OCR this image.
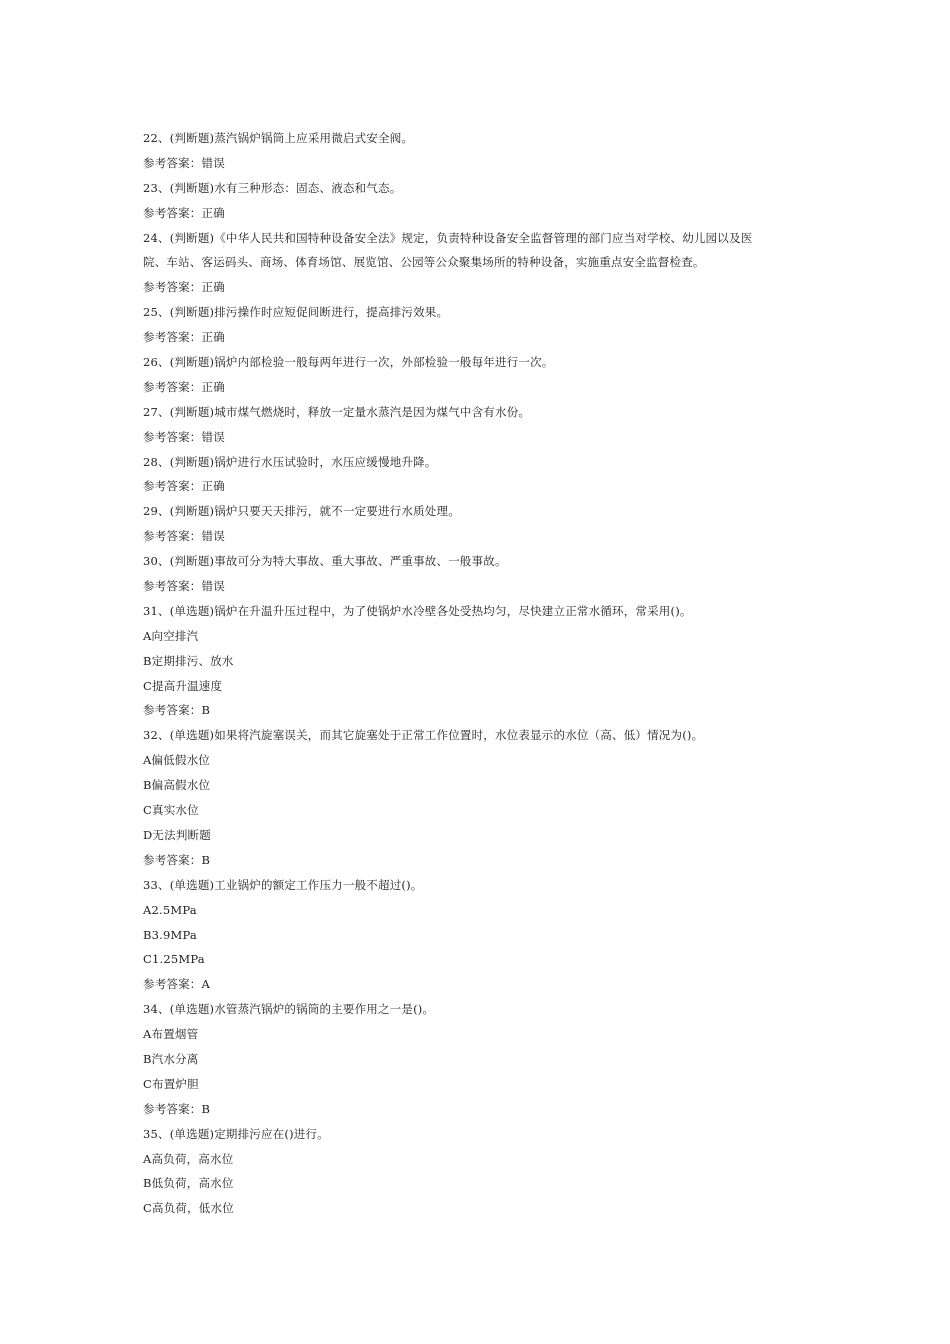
22、(判断题)蒸汽锅炉锅筒上应采用微启式安全阀。
参考答案：错误
23、(判断题)水有三种形态：固态、液态和气态。
参考答案：正确
24、(判断题)《中华人民共和国特种设备安全法》规定，负责特种设备安全监督管理的部门应当对学校、幼儿园以及医
院、车站、客运码头、商场、体育场馆、展览馆、公园等公众聚集场所的特种设备，实施重点安全监督检查。
参考答案：正确
25、(判断题)排污操作时应短促间断进行，提高排污效果。
参考答案：正确
26、(判断题)锅炉内部检验一般每两年进行一次，外部检验一般每年进行一次。
参考答案：正确
27、(判断题)城市煤气燃烧时，释放一定量水蒸汽是因为煤气中含有水份。
参考答案：错误
28、(判断题)锅炉进行水压试验时，水压应缓慢地升降。
参考答案：正确
29、(判断题)锅炉只要天天排污，就不一定要进行水质处理。
参考答案：错误
30、(判断题)事故可分为特大事故、重大事故、严重事故、一般事故。
参考答案：错误
31、(单选题)锅炉在升温升压过程中，为了使锅炉水冷壁各处受热均匀，尽快建立正常水循环，常采用()。
A向空排汽
B定期排污、放水
C提高升温速度
参考答案：B
32、(单选题)如果将汽旋塞误关，而其它旋塞处于正常工作位置时，水位表显示的水位（高、低）情况为()。
A偏低假水位
B偏高假水位
C真实水位
D无法判断题
参考答案：B
33、(单选题)工业锅炉的额定工作压力一般不超过()。
A2.5MPa
B3.9MPa
C1.25MPa
参考答案：A
34、(单选题)水管蒸汽锅炉的锅筒的主要作用之一是()。
A布置烟管
B汽水分离
C布置炉胆
参考答案：B
35、(单选题)定期排污应在()进行。
A高负荷，高水位
B低负荷，高水位
C高负荷，低水位
